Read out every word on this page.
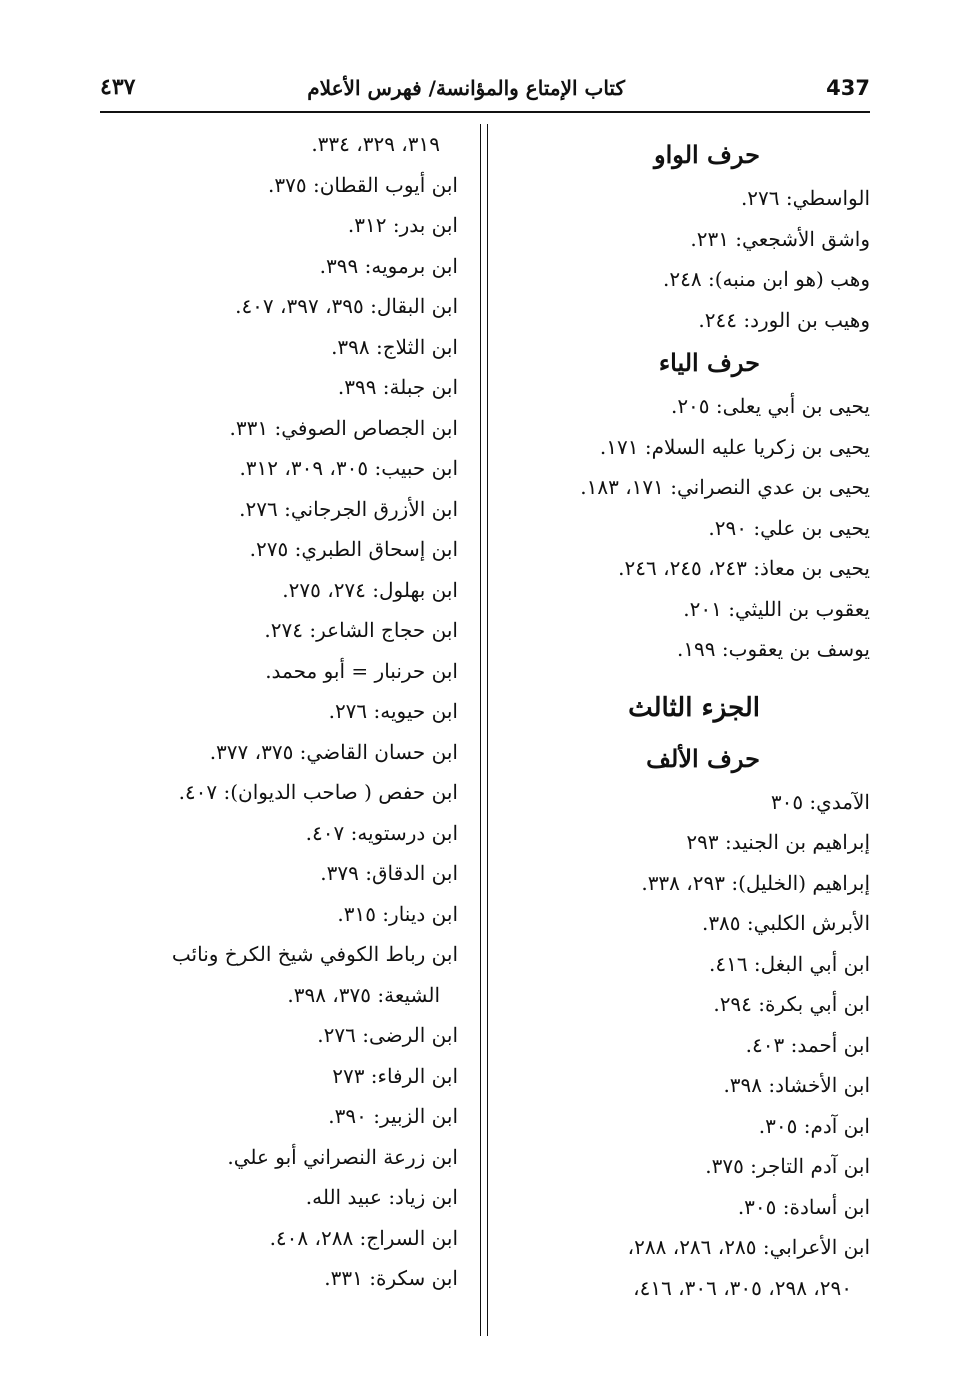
437
كتاب الإمتاع والمؤانسة/ فهرس الأعلام
٤٣٧
حرف الواو
الواسطي: ٢٧٦.
واشق الأشجعي: ٢٣١.
وهب (هو ابن منبه): ٢٤٨.
وهيب بن الورد: ٢٤٤.
حرف الياء
يحيى بن أبي يعلى: ٢٠٥.
يحيى بن زكريا عليه السلام: ١٧١.
يحيى بن عدي النصراني: ١٧١، ١٨٣.
يحيى بن علي: ٢٩٠.
يحيى بن معاذ: ٢٤٣، ٢٤٥، ٢٤٦.
يعقوب بن الليثي: ٢٠١.
يوسف بن يعقوب: ١٩٩.
الجزء الثالث
حرف الألف
الآمدي: ٣٠٥
إبراهيم بن الجنيد: ٢٩٣
إبراهيم (الخليل): ٢٩٣، ٣٣٨.
الأبرش الكلبي: ٣٨٥.
ابن أبي البغل: ٤١٦.
ابن أبي بكرة: ٢٩٤.
ابن أحمد: ٤٠٣.
ابن الأخشاد: ٣٩٨.
ابن آدم: ٣٠٥.
ابن آدم التاجر: ٣٧٥.
ابن أسادة: ٣٠٥.
ابن الأعرابي: ٢٨٥، ٢٨٦، ٢٨٨،
٢٩٠، ٢٩٨، ٣٠٥، ٣٠٦، ٤١٦،
٣١٩، ٣٢٩، ٣٣٤.
ابن أيوب القطان: ٣٧٥.
ابن بدر: ٣١٢.
ابن برمويه: ٣٩٩.
ابن البقال: ٣٩٥، ٣٩٧، ٤٠٧.
ابن الثلاج: ٣٩٨.
ابن جبلة: ٣٩٩.
ابن الجصاص الصوفي: ٣٣١.
ابن حبيب: ٣٠٥، ٣٠٩، ٣١٢.
ابن الأزرق الجرجاني: ٢٧٦.
ابن إسحاق الطبري: ٢٧٥.
ابن بهلول: ٢٧٤، ٢٧٥.
ابن حجاج الشاعر: ٢٧٤.
ابن حرنبار = أبو محمد.
ابن حيويه: ٢٧٦.
ابن حسان القاضي: ٣٧٥، ٣٧٧.
ابن حفص ( صاحب الديوان): ٤٠٧.
ابن درستويه: ٤٠٧.
ابن الدقاق: ٣٧٩.
ابن دينار: ٣١٥.
ابن رباط الكوفي شيخ الكرخ ونائب
الشيعة: ٣٧٥، ٣٩٨.
ابن الرضى: ٢٧٦.
ابن الرفاء: ٢٧٣
ابن الزبير: ٣٩٠.
ابن زرعة النصراني أبو علي.
ابن زياد: عبيد الله.
ابن السراج: ٢٨٨، ٤٠٨.
ابن سكرة: ٣٣١.
